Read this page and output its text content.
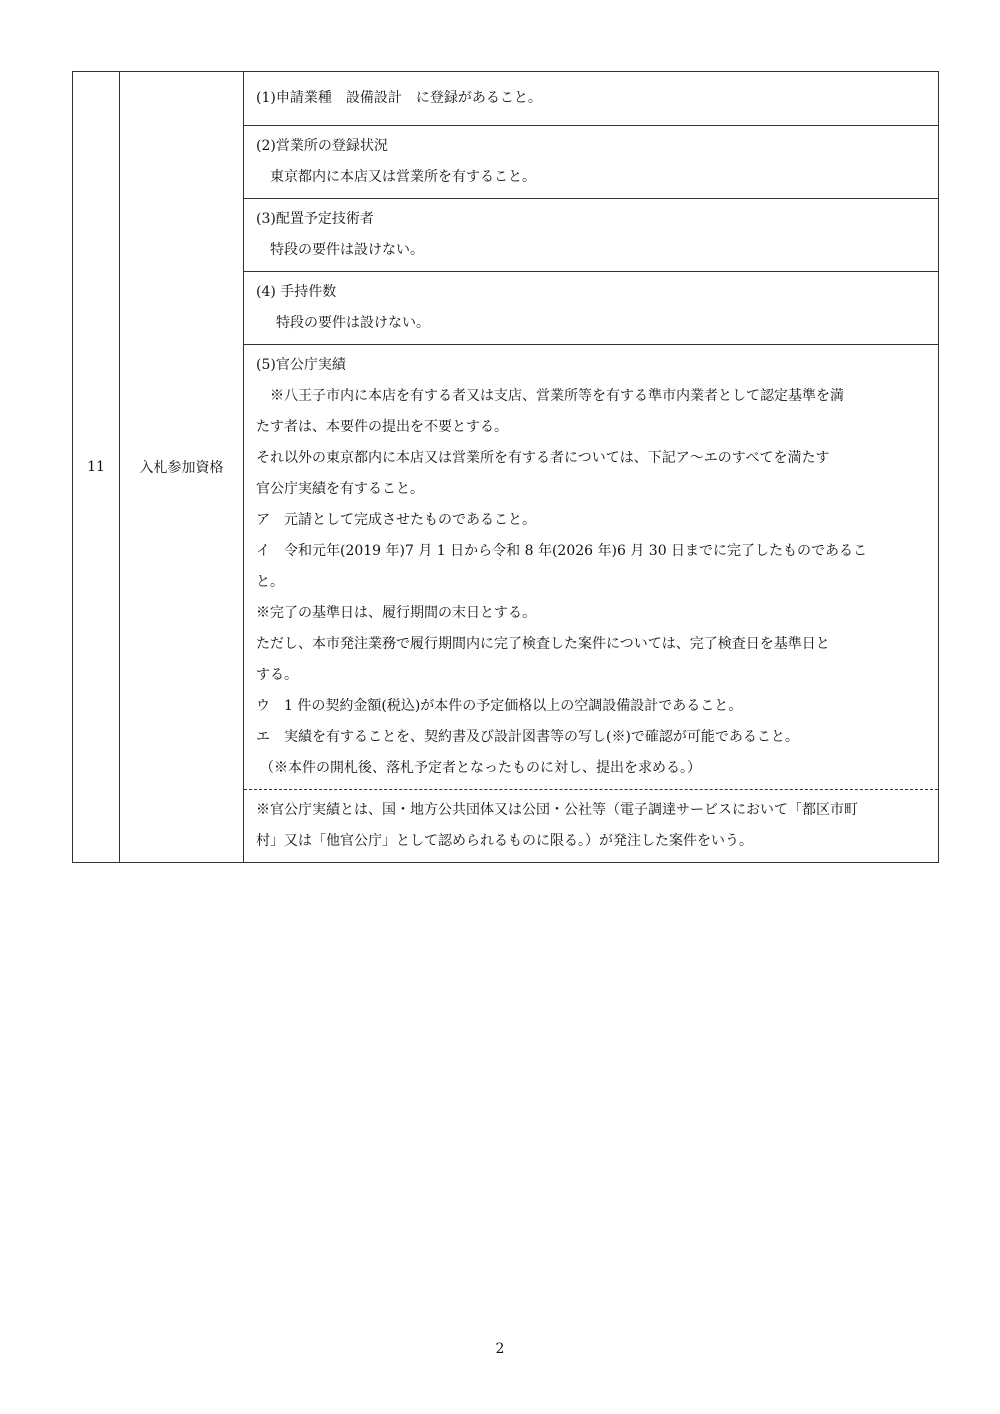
11	入札参加資格	
(1)申請業種　設備設計　に登録があること。

(2)営業所の登録状況
東京都内に本店又は営業所を有すること。

(3)配置予定技術者
特段の要件は設けない。

(4) 手持件数
特段の要件は設けない。

(5)官公庁実績
※八王子市内に本店を有する者又は支店、営業所等を有する準市内業者として認定基準を満
たす者は、本要件の提出を不要とする。
それ以外の東京都内に本店又は営業所を有する者については、下記ア〜エのすべてを満たす
官公庁実績を有すること。
ア　元請として完成させたものであること。
イ　令和元年(2019 年)7 月 1 日から令和 8 年(2026 年)6 月 30 日までに完了したものであるこ
と。
※完了の基準日は、履行期間の末日とする。
ただし、本市発注業務で履行期間内に完了検査した案件については、完了検査日を基準日と
する。
ウ　1 件の契約金額(税込)が本件の予定価格以上の空調設備設計であること。
エ　実績を有することを、契約書及び設計図書等の写し(※)で確認が可能であること。
（※本件の開札後、落札予定者となったものに対し、提出を求める。）

※官公庁実績とは、国・地方公共団体又は公団・公社等（電子調達サービスにおいて「都区市町
村」又は「他官公庁」として認められるものに限る。）が発注した案件をいう。
2
